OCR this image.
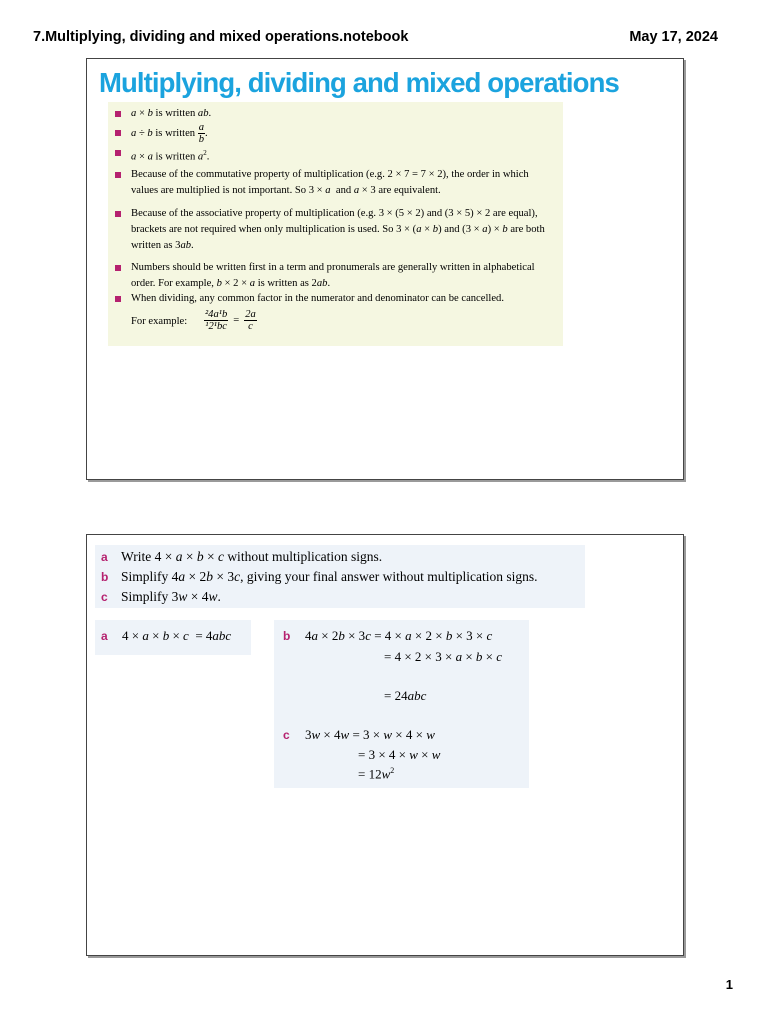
7.Multiplying, dividing and mixed operations.notebook	May 17, 2024
Multiplying, dividing and mixed operations
a × b is written ab.
a ÷ b is written $\frac{a}{b}$ .
a × a is written $a^2$.
Because of the commutative property of multiplication (e.g. 2 × 7 = 7 × 2), the order in which values are multiplied is not important. So 3 × a  and a × 3 are equivalent.
Because of the associative property of multiplication (e.g. 3 × (5 × 2) and (3 × 5) × 2 are equal), brackets are not required when only multiplication is used. So 3 × (a × b) and (3 × a) × b are both written as 3ab.
Numbers should be written first in a term and pronumerals are generally written in alphabetical order. For example, b × 2 × a is written as 2ab.
When dividing, any common factor in the numerator and denominator can be cancelled.
For example: $\frac{\text{²4a¹b}}{\text{¹2¹bc}} = \frac{2a}{c}$
a Write 4 × a × b × c without multiplication signs.
b Simplify 4a × 2b × 3c, giving your final answer without multiplication signs.
c Simplify 3w × 4w.
a	4 × a × b × c  = 4abc	b	4a × 2b × 3c = 4 × a × 2 × b × 3 × c
= 4 × 2 × 3 × a × b × c
= 24abc
c	3w × 4w = 3 × w × 4 × w
= 3 × 4 × w × w
= $12w^2$
1
